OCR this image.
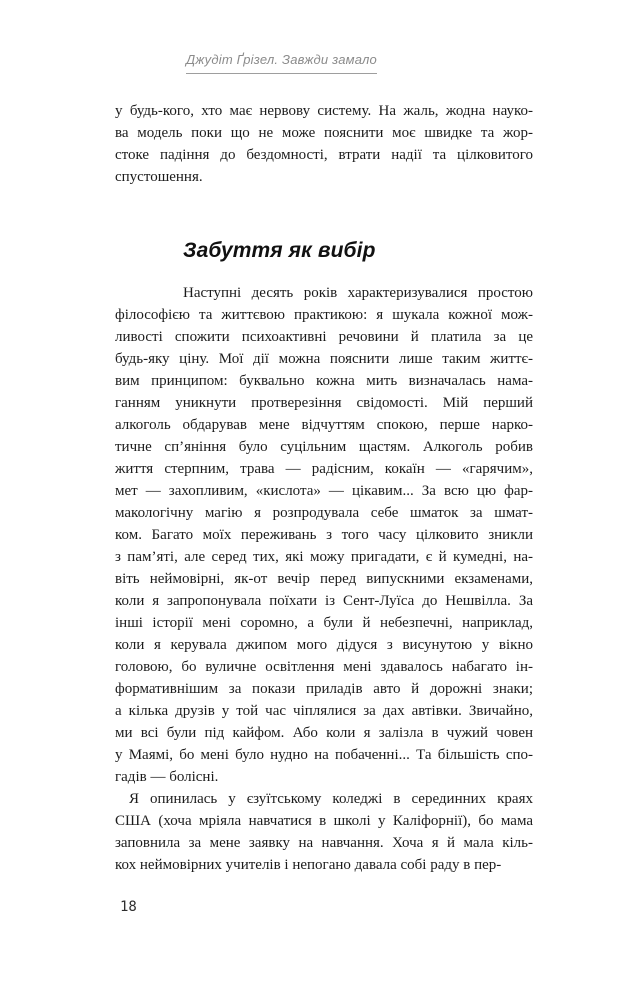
Джудіт Ґрізел. Завжди замало
у будь-кого, хто має нервову систему. На жаль, жодна науко-
ва модель поки що не може пояснити моє швидке та жор-
стоке падіння до бездомності, втрати надії та цілковитого
спустошення.
Забуття як вибір
Наступні десять років характеризувалися простою
філософією та життєвою практикою: я шукала кожної мож-
ливості спожити психоактивні речовини й платила за це
будь-яку ціну. Мої дії можна пояснити лише таким життє-
вим принципом: буквально кожна мить визначалась нама-
ганням уникнути протверезіння свідомості. Мій перший
алкоголь обдарував мене відчуттям спокою, перше нарко-
тичне сп’яніння було суцільним щастям. Алкоголь робив
життя стерпним, трава — радісним, кокаїн — «гарячим»,
мет — захопливим, «кислота» — цікавим... За всю цю фар-
макологічну магію я розпродувала себе шматок за шмат-
ком. Багато моїх переживань з того часу цілковито зникли
з пам’яті, але серед тих, які можу пригадати, є й кумедні, на-
віть неймовірні, як-от вечір перед випускними екзаменами,
коли я запропонувала поїхати із Сент-Луїса до Нешвілла. За
інші історії мені соромно, а були й небезпечні, наприклад,
коли я керувала джипом мого дідуся з висунутою у вікно
головою, бо вуличне освітлення мені здавалось набагато ін-
формативнішим за покази приладів авто й дорожні знаки;
а кілька друзів у той час чіплялися за дах автівки. Звичайно,
ми всі були під кайфом. Або коли я залізла в чужий човен
у Маямі, бо мені було нудно на побаченні... Та більшість спо-
гадів — болісні.
Я опинилась у єзуїтському коледжі в серединних краях
США (хоча мріяла навчатися в школі у Каліфорнії), бо мама
заповнила за мене заявку на навчання. Хоча я й мала кіль-
кох неймовірних учителів і непогано давала собі раду в пер-
18
